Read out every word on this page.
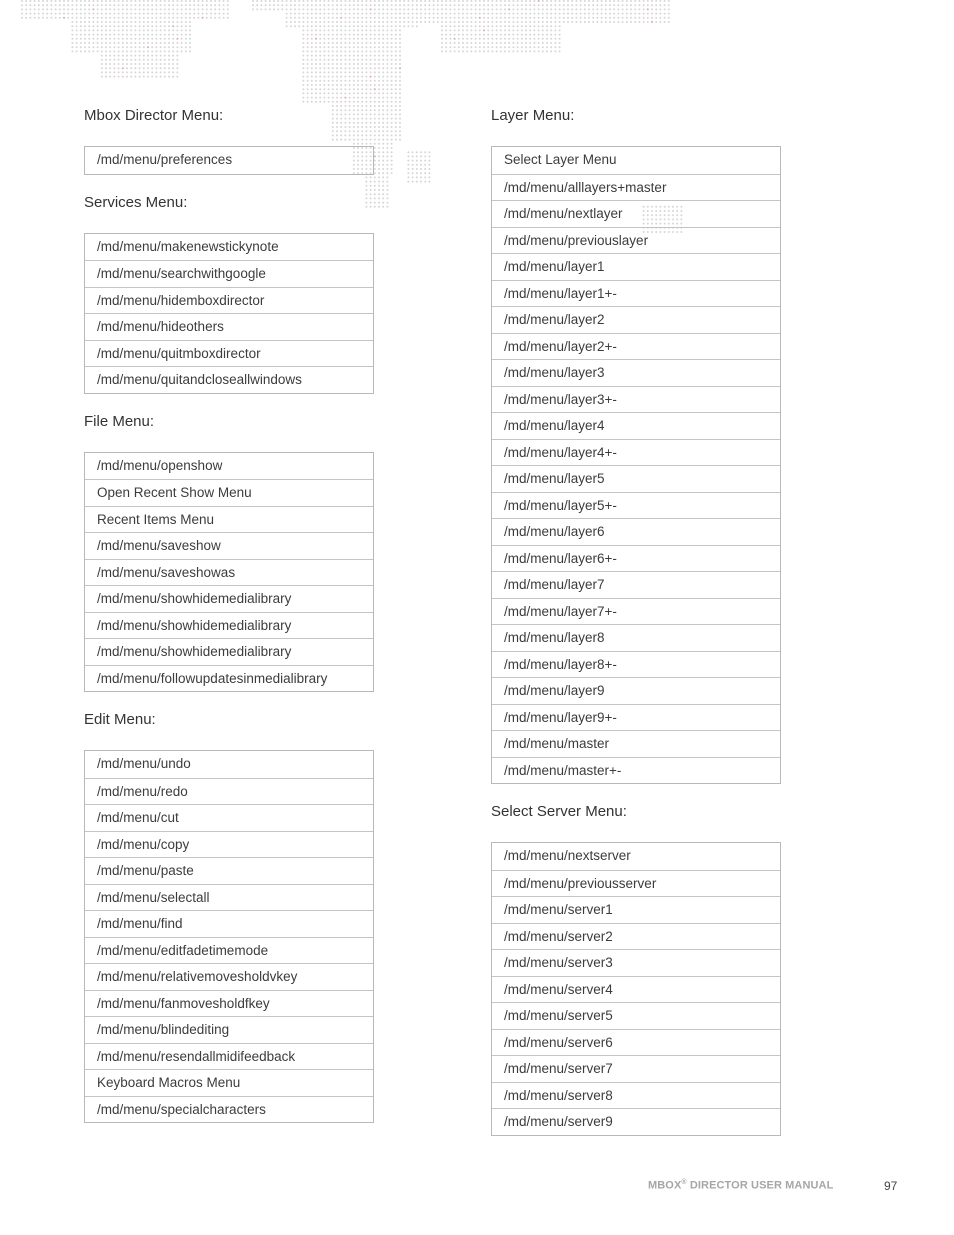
Mbox Director Menu:
/md/menu/preferences
Services Menu:
/md/menu/makenewstickynote
/md/menu/searchwithgoogle
/md/menu/hidemboxdirector
/md/menu/hideothers
/md/menu/quitmboxdirector
/md/menu/quitandcloseallwindows
File Menu:
/md/menu/openshow
Open Recent Show Menu
Recent Items Menu
/md/menu/saveshow
/md/menu/saveshowas
/md/menu/showhidemedialibrary
/md/menu/showhidemedialibrary
/md/menu/showhidemedialibrary
/md/menu/followupdatesinmedialibrary
Edit Menu:
/md/menu/undo
/md/menu/redo
/md/menu/cut
/md/menu/copy
/md/menu/paste
/md/menu/selectall
/md/menu/find
/md/menu/editfadetimemode
/md/menu/relativemovesholdvkey
/md/menu/fanmovesholdfkey
/md/menu/blindediting
/md/menu/resendallmidifeedback
Keyboard Macros Menu
/md/menu/specialcharacters
Layer Menu:
Select Layer Menu
/md/menu/alllayers+master
/md/menu/nextlayer
/md/menu/previouslayer
/md/menu/layer1
/md/menu/layer1+-
/md/menu/layer2
/md/menu/layer2+-
/md/menu/layer3
/md/menu/layer3+-
/md/menu/layer4
/md/menu/layer4+-
/md/menu/layer5
/md/menu/layer5+-
/md/menu/layer6
/md/menu/layer6+-
/md/menu/layer7
/md/menu/layer7+-
/md/menu/layer8
/md/menu/layer8+-
/md/menu/layer9
/md/menu/layer9+-
/md/menu/master
/md/menu/master+-
Select Server Menu:
/md/menu/nextserver
/md/menu/previousserver
/md/menu/server1
/md/menu/server2
/md/menu/server3
/md/menu/server4
/md/menu/server5
/md/menu/server6
/md/menu/server7
/md/menu/server8
/md/menu/server9
MBOX® DIRECTOR USER MANUAL	97
